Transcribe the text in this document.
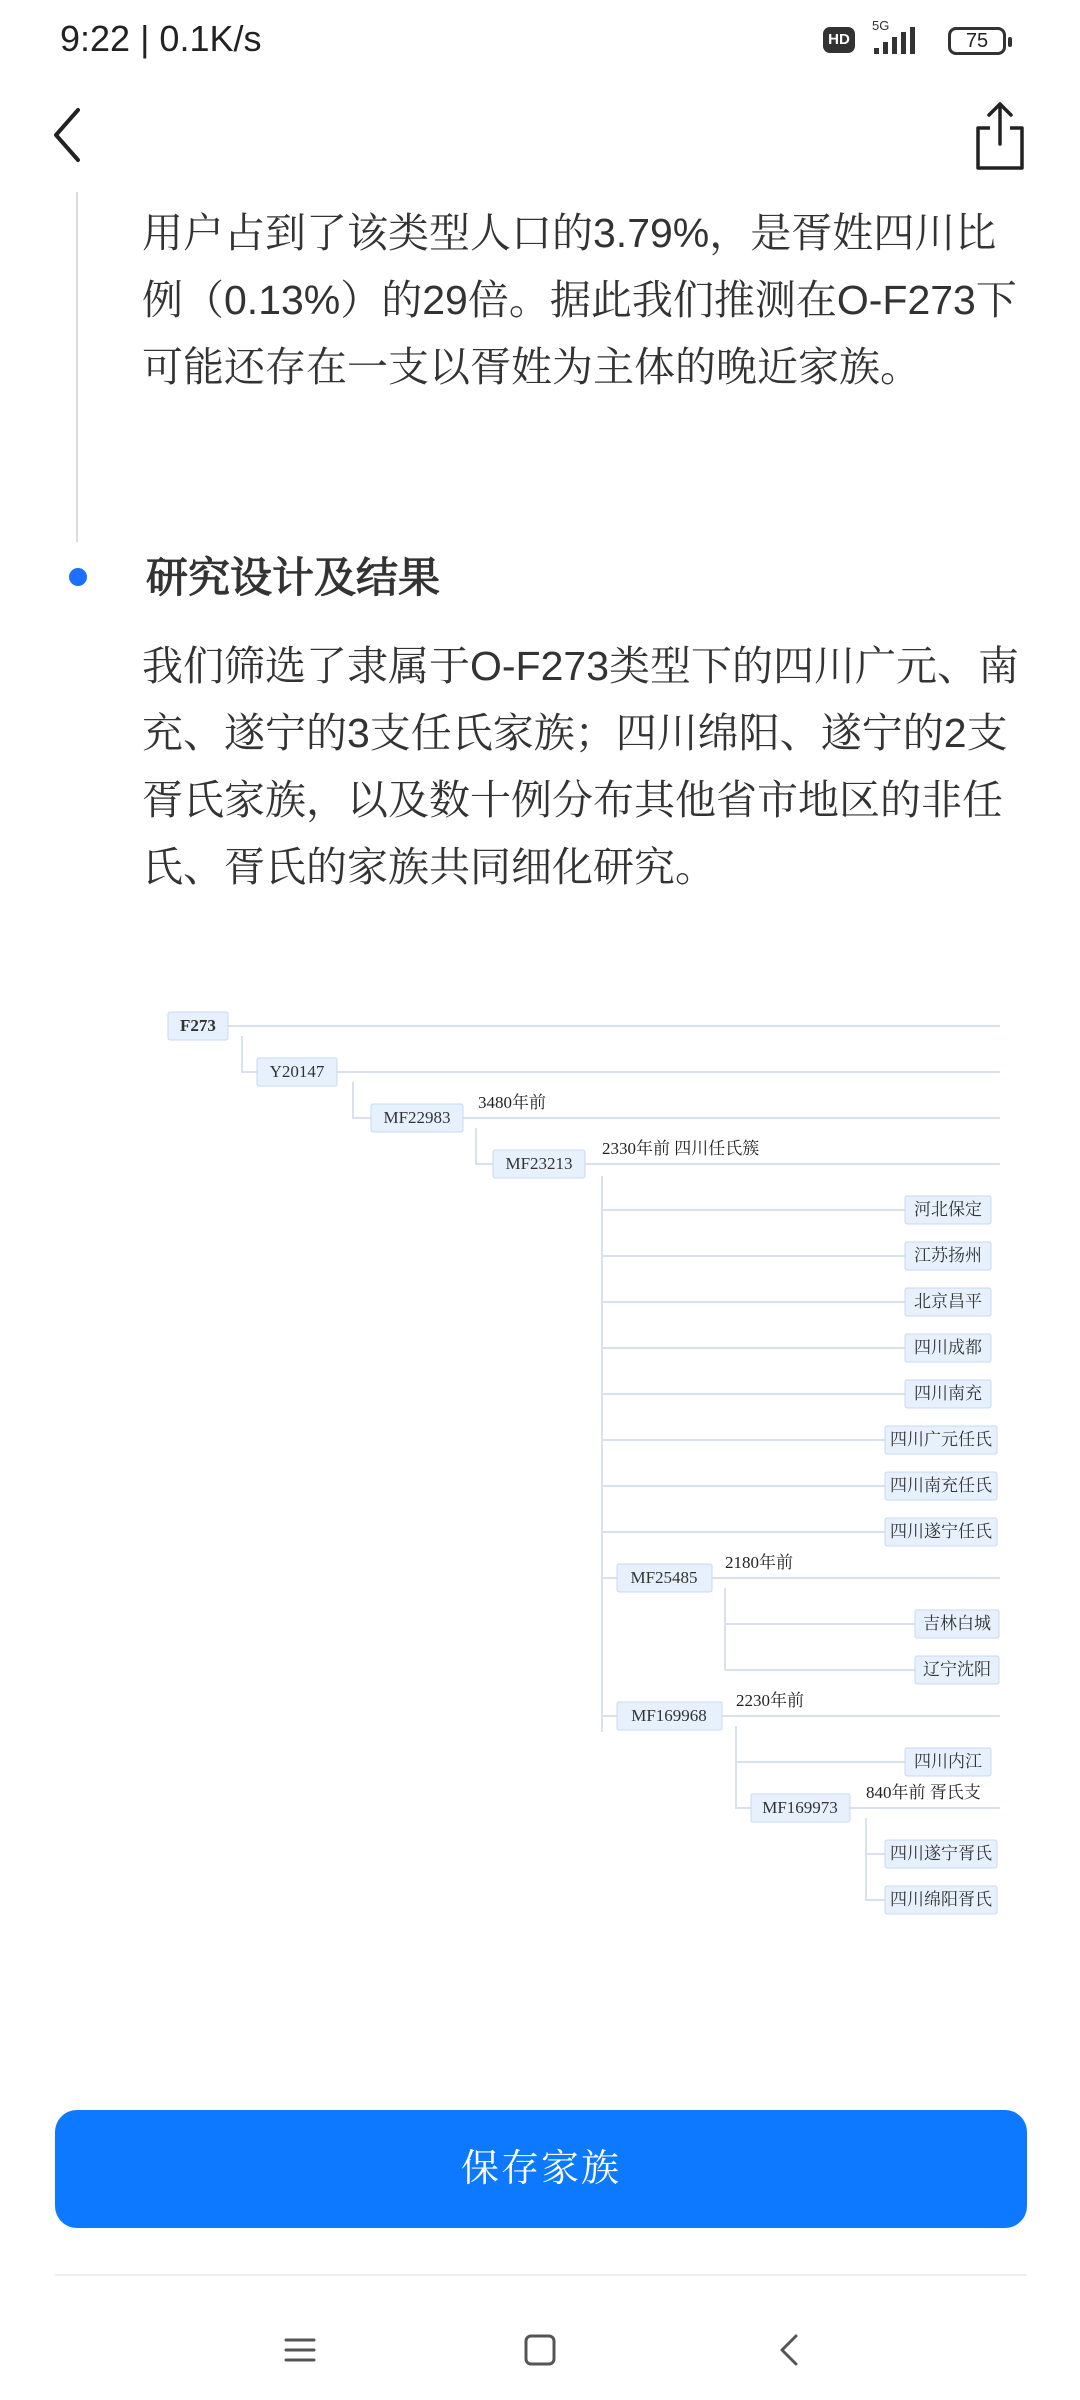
9:22 | 0.1K/s	HD
5G
75

用户占到了该类型人口的3.79%，是胥姓四川比例（0.13%）的29倍。据此我们推测在O-F273下可能还存在一支以胥姓为主体的晚近家族。

研究设计及结果

我们筛选了隶属于O-F273类型下的四川广元、南充、遂宁的3支任氏家族；四川绵阳、遂宁的2支胥氏家族，以及数十例分布其他省市地区的非任氏、胥氏的家族共同细化研究。

F273
Y20147
MF22983
3480年前
MF23213
2330年前 四川任氏簇
河北保定
江苏扬州
北京昌平
四川成都
四川南充
四川广元任氏
四川南充任氏
四川遂宁任氏
MF25485
2180年前
吉林白城
辽宁沈阳
MF169968
2230年前
四川内江
MF169973
840年前 胥氏支
四川遂宁胥氏
四川绵阳胥氏
保存家族
